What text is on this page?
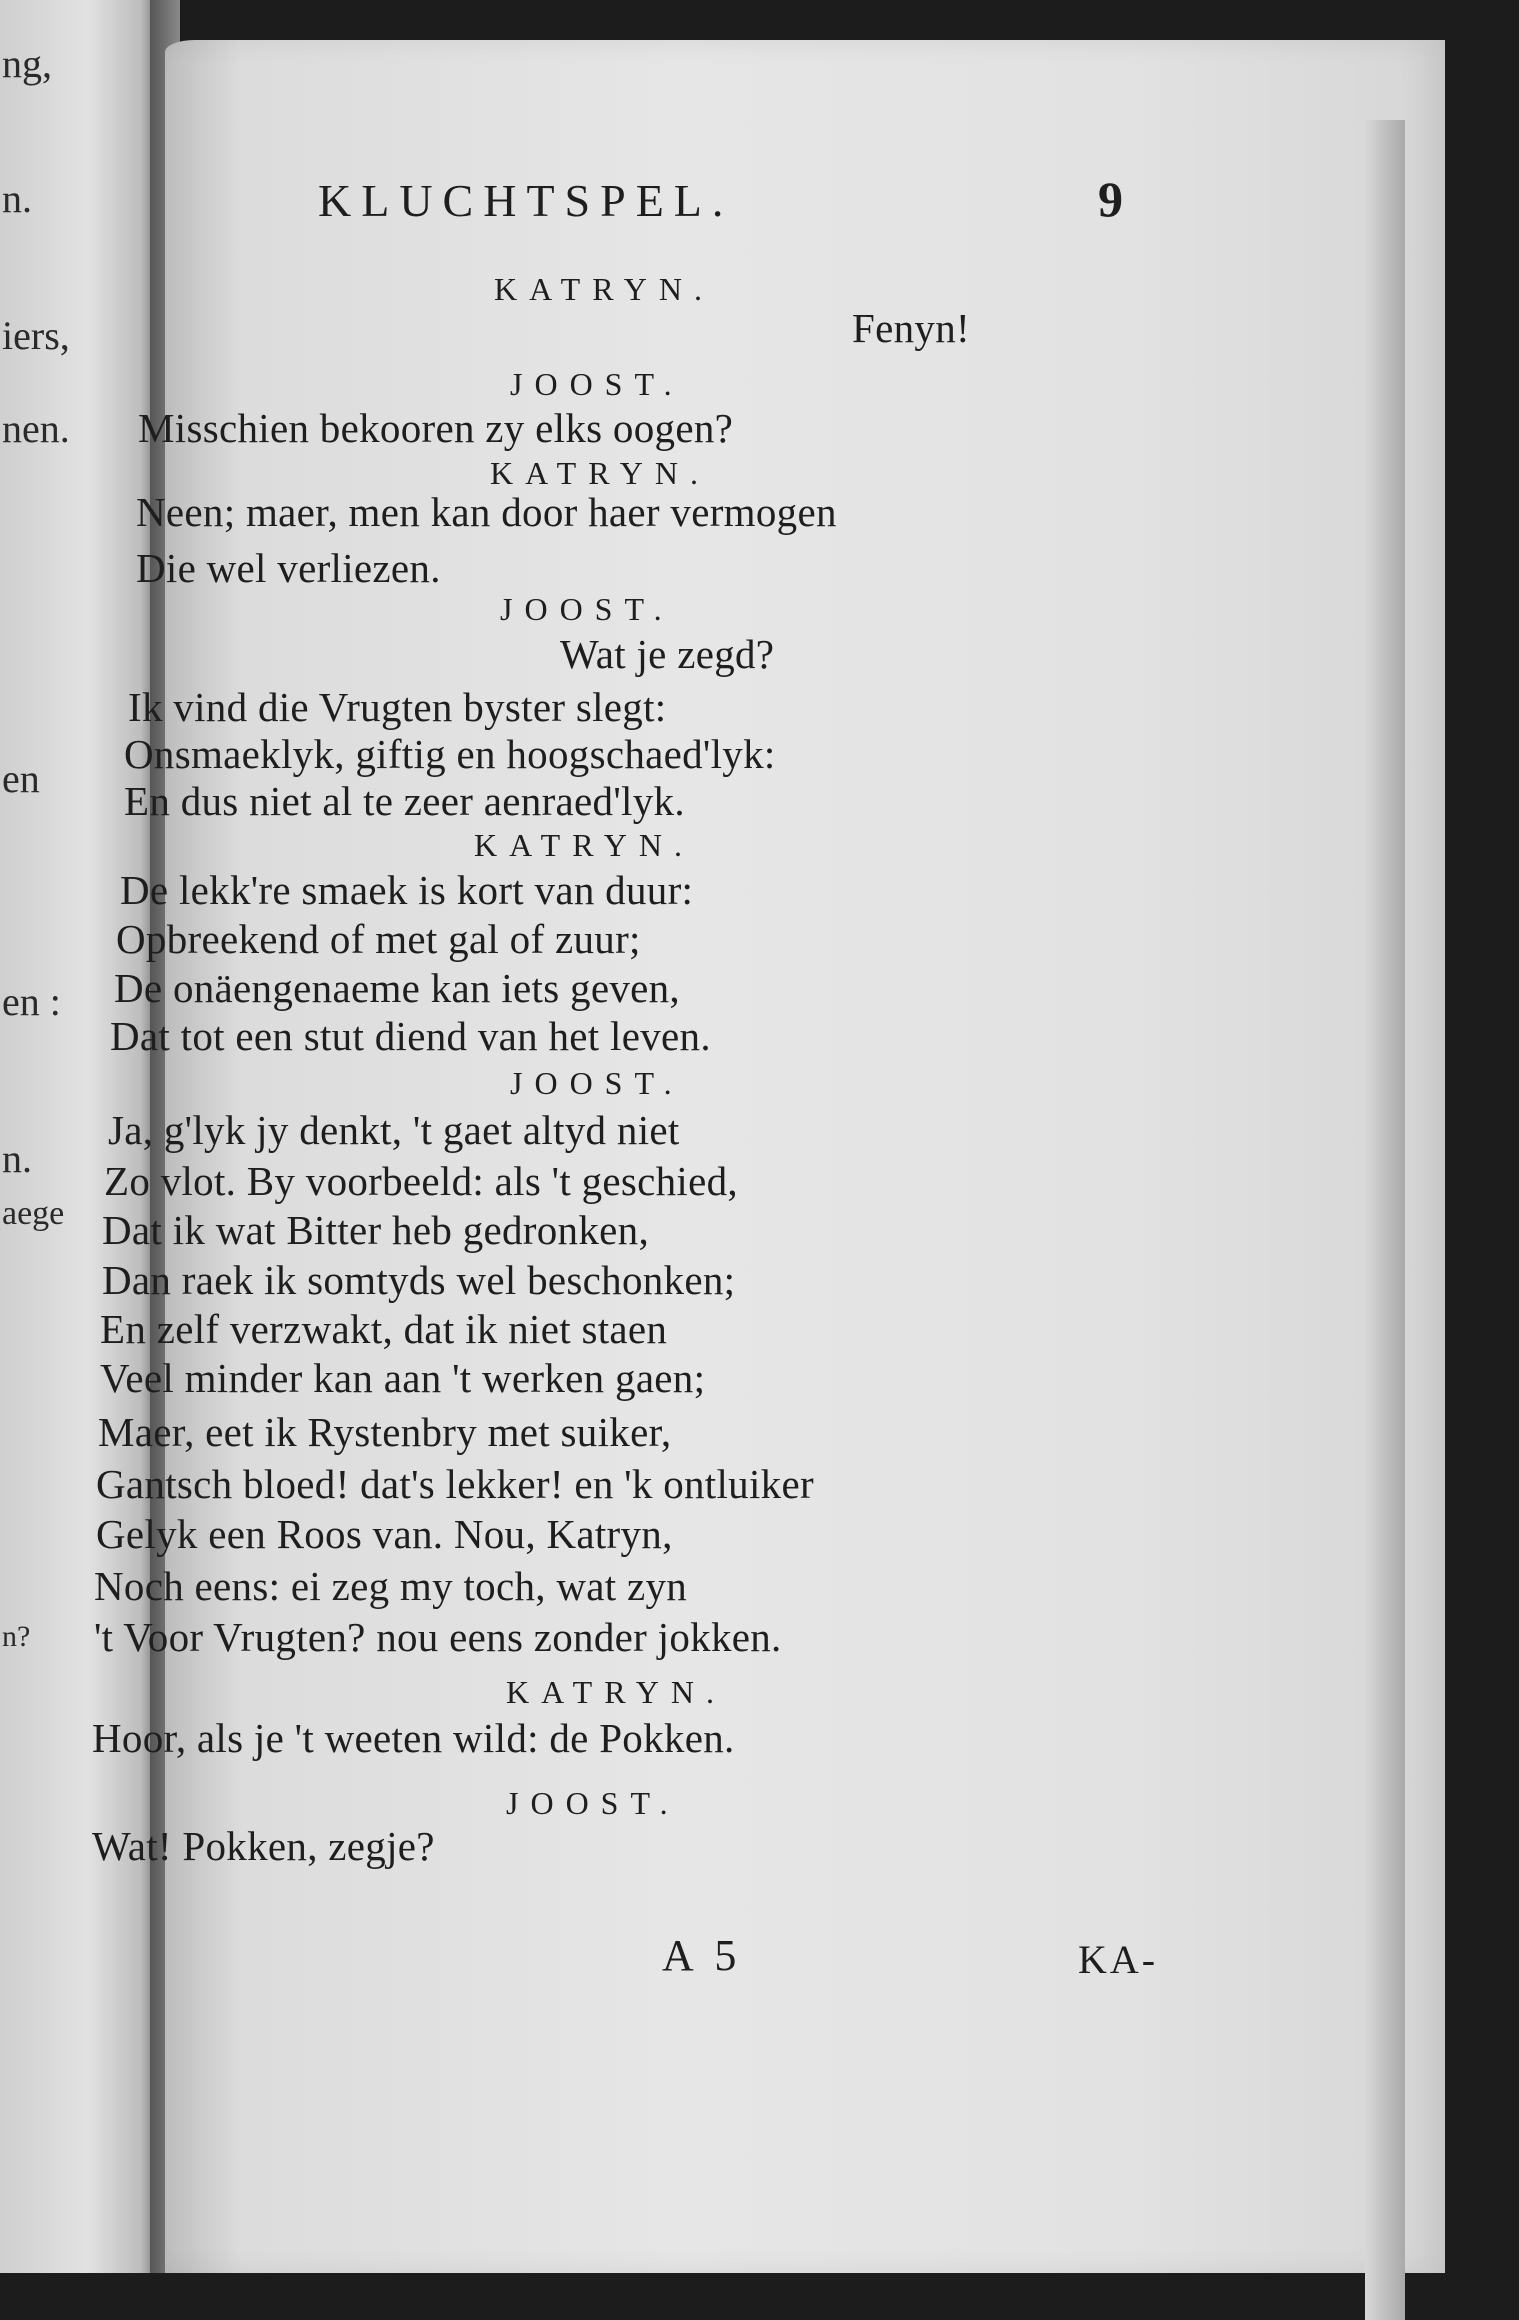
ng,
n.
iers,
nen.
en
en :
n.
aege
n?
KLUCHTSPEL.	9
KATRYN.
Fenyn!
JOOST.
Misschien bekooren zy elks oogen?
KATRYN.
Neen; maer, men kan door haer vermogen
Die wel verliezen.
JOOST.
Wat je zegd?
Ik vind die Vrugten byster slegt:
Onsmaeklyk, giftig en hoogschaed'lyk:
En dus niet al te zeer aenraed'lyk.
KATRYN.
De lekk're smaek is kort van duur:
Opbreekend of met gal of zuur;
De onäengenaeme kan iets geven,
Dat tot een stut diend van het leven.
JOOST.
Ja, g'lyk jy denkt, 't gaet altyd niet
Zo vlot. By voorbeeld: als 't geschied,
Dat ik wat Bitter heb gedronken,
Dan raek ik somtyds wel beschonken;
En zelf verzwakt, dat ik niet staen
Veel minder kan aan 't werken gaen;
Maer, eet ik Rystenbry met suiker,
Gantsch bloed! dat's lekker! en 'k ontluiker
Gelyk een Roos van. Nou, Katryn,
Noch eens: ei zeg my toch, wat zyn
't Voor Vrugten? nou eens zonder jokken.
KATRYN.
Hoor, als je 't weeten wild: de Pokken.
JOOST.
Wat! Pokken, zegje?
A 5	KA-
